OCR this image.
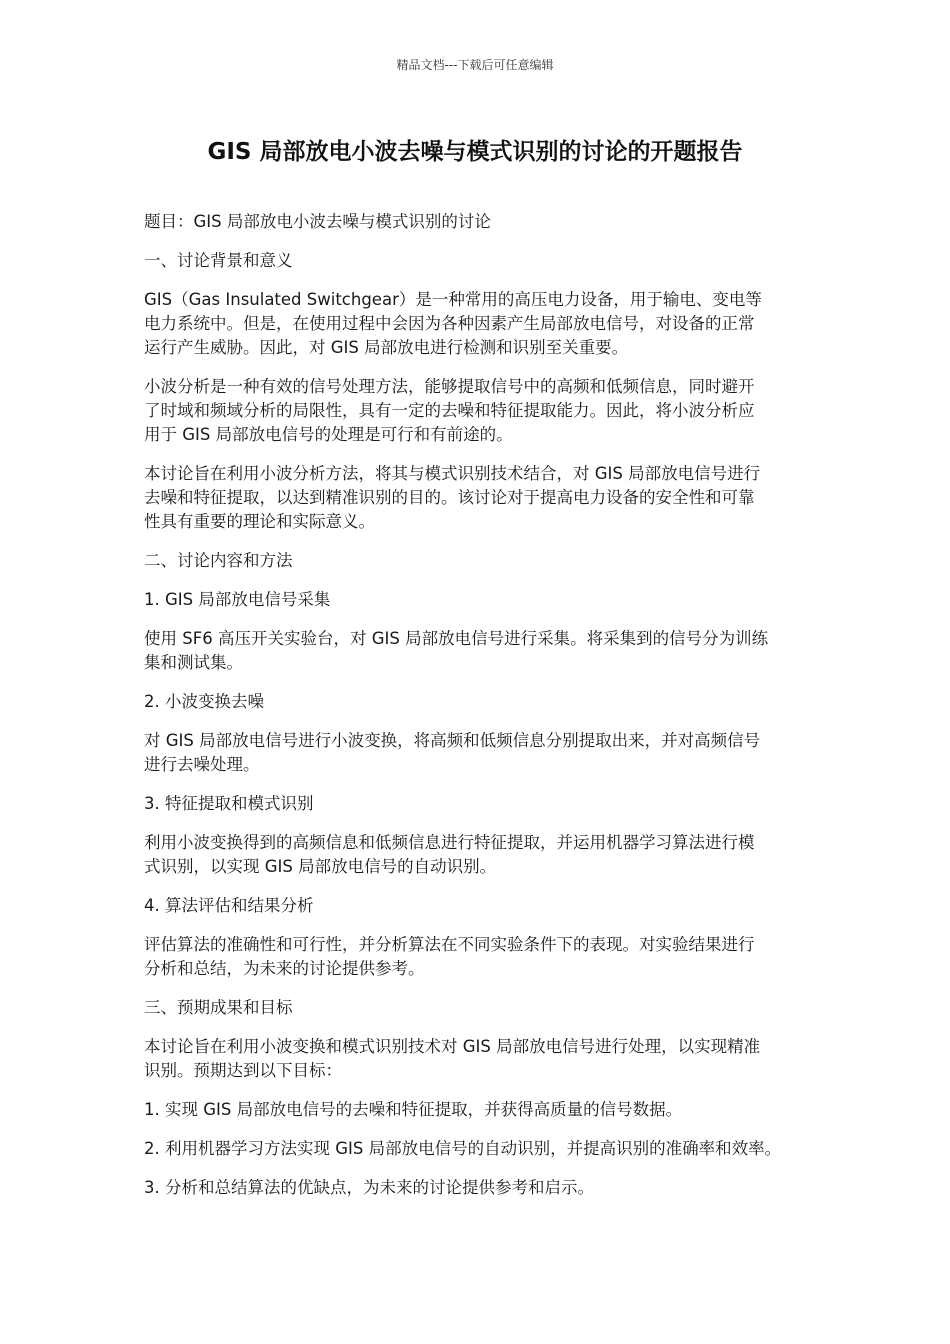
精品文档---下载后可任意编辑
GIS 局部放电小波去噪与模式识别的讨论的开题报告

题目：GIS 局部放电小波去噪与模式识别的讨论

一、讨论背景和意义

GIS（Gas Insulated Switchgear）是一种常用的高压电力设备，用于输电、变电等
电力系统中。但是，在使用过程中会因为各种因素产生局部放电信号，对设备的正常
运行产生威胁。因此，对 GIS 局部放电进行检测和识别至关重要。

小波分析是一种有效的信号处理方法，能够提取信号中的高频和低频信息，同时避开
了时域和频域分析的局限性，具有一定的去噪和特征提取能力。因此，将小波分析应
用于 GIS 局部放电信号的处理是可行和有前途的。

本讨论旨在利用小波分析方法，将其与模式识别技术结合，对 GIS 局部放电信号进行
去噪和特征提取，以达到精准识别的目的。该讨论对于提高电力设备的安全性和可靠
性具有重要的理论和实际意义。

二、讨论内容和方法

1. GIS 局部放电信号采集

使用 SF6 高压开关实验台，对 GIS 局部放电信号进行采集。将采集到的信号分为训练
集和测试集。

2. 小波变换去噪

对 GIS 局部放电信号进行小波变换，将高频和低频信息分别提取出来，并对高频信号
进行去噪处理。

3. 特征提取和模式识别

利用小波变换得到的高频信息和低频信息进行特征提取，并运用机器学习算法进行模
式识别，以实现 GIS 局部放电信号的自动识别。

4. 算法评估和结果分析

评估算法的准确性和可行性，并分析算法在不同实验条件下的表现。对实验结果进行
分析和总结，为未来的讨论提供参考。

三、预期成果和目标

本讨论旨在利用小波变换和模式识别技术对 GIS 局部放电信号进行处理，以实现精准
识别。预期达到以下目标：

1. 实现 GIS 局部放电信号的去噪和特征提取，并获得高质量的信号数据。

2. 利用机器学习方法实现 GIS 局部放电信号的自动识别，并提高识别的准确率和效率。

3. 分析和总结算法的优缺点，为未来的讨论提供参考和启示。
